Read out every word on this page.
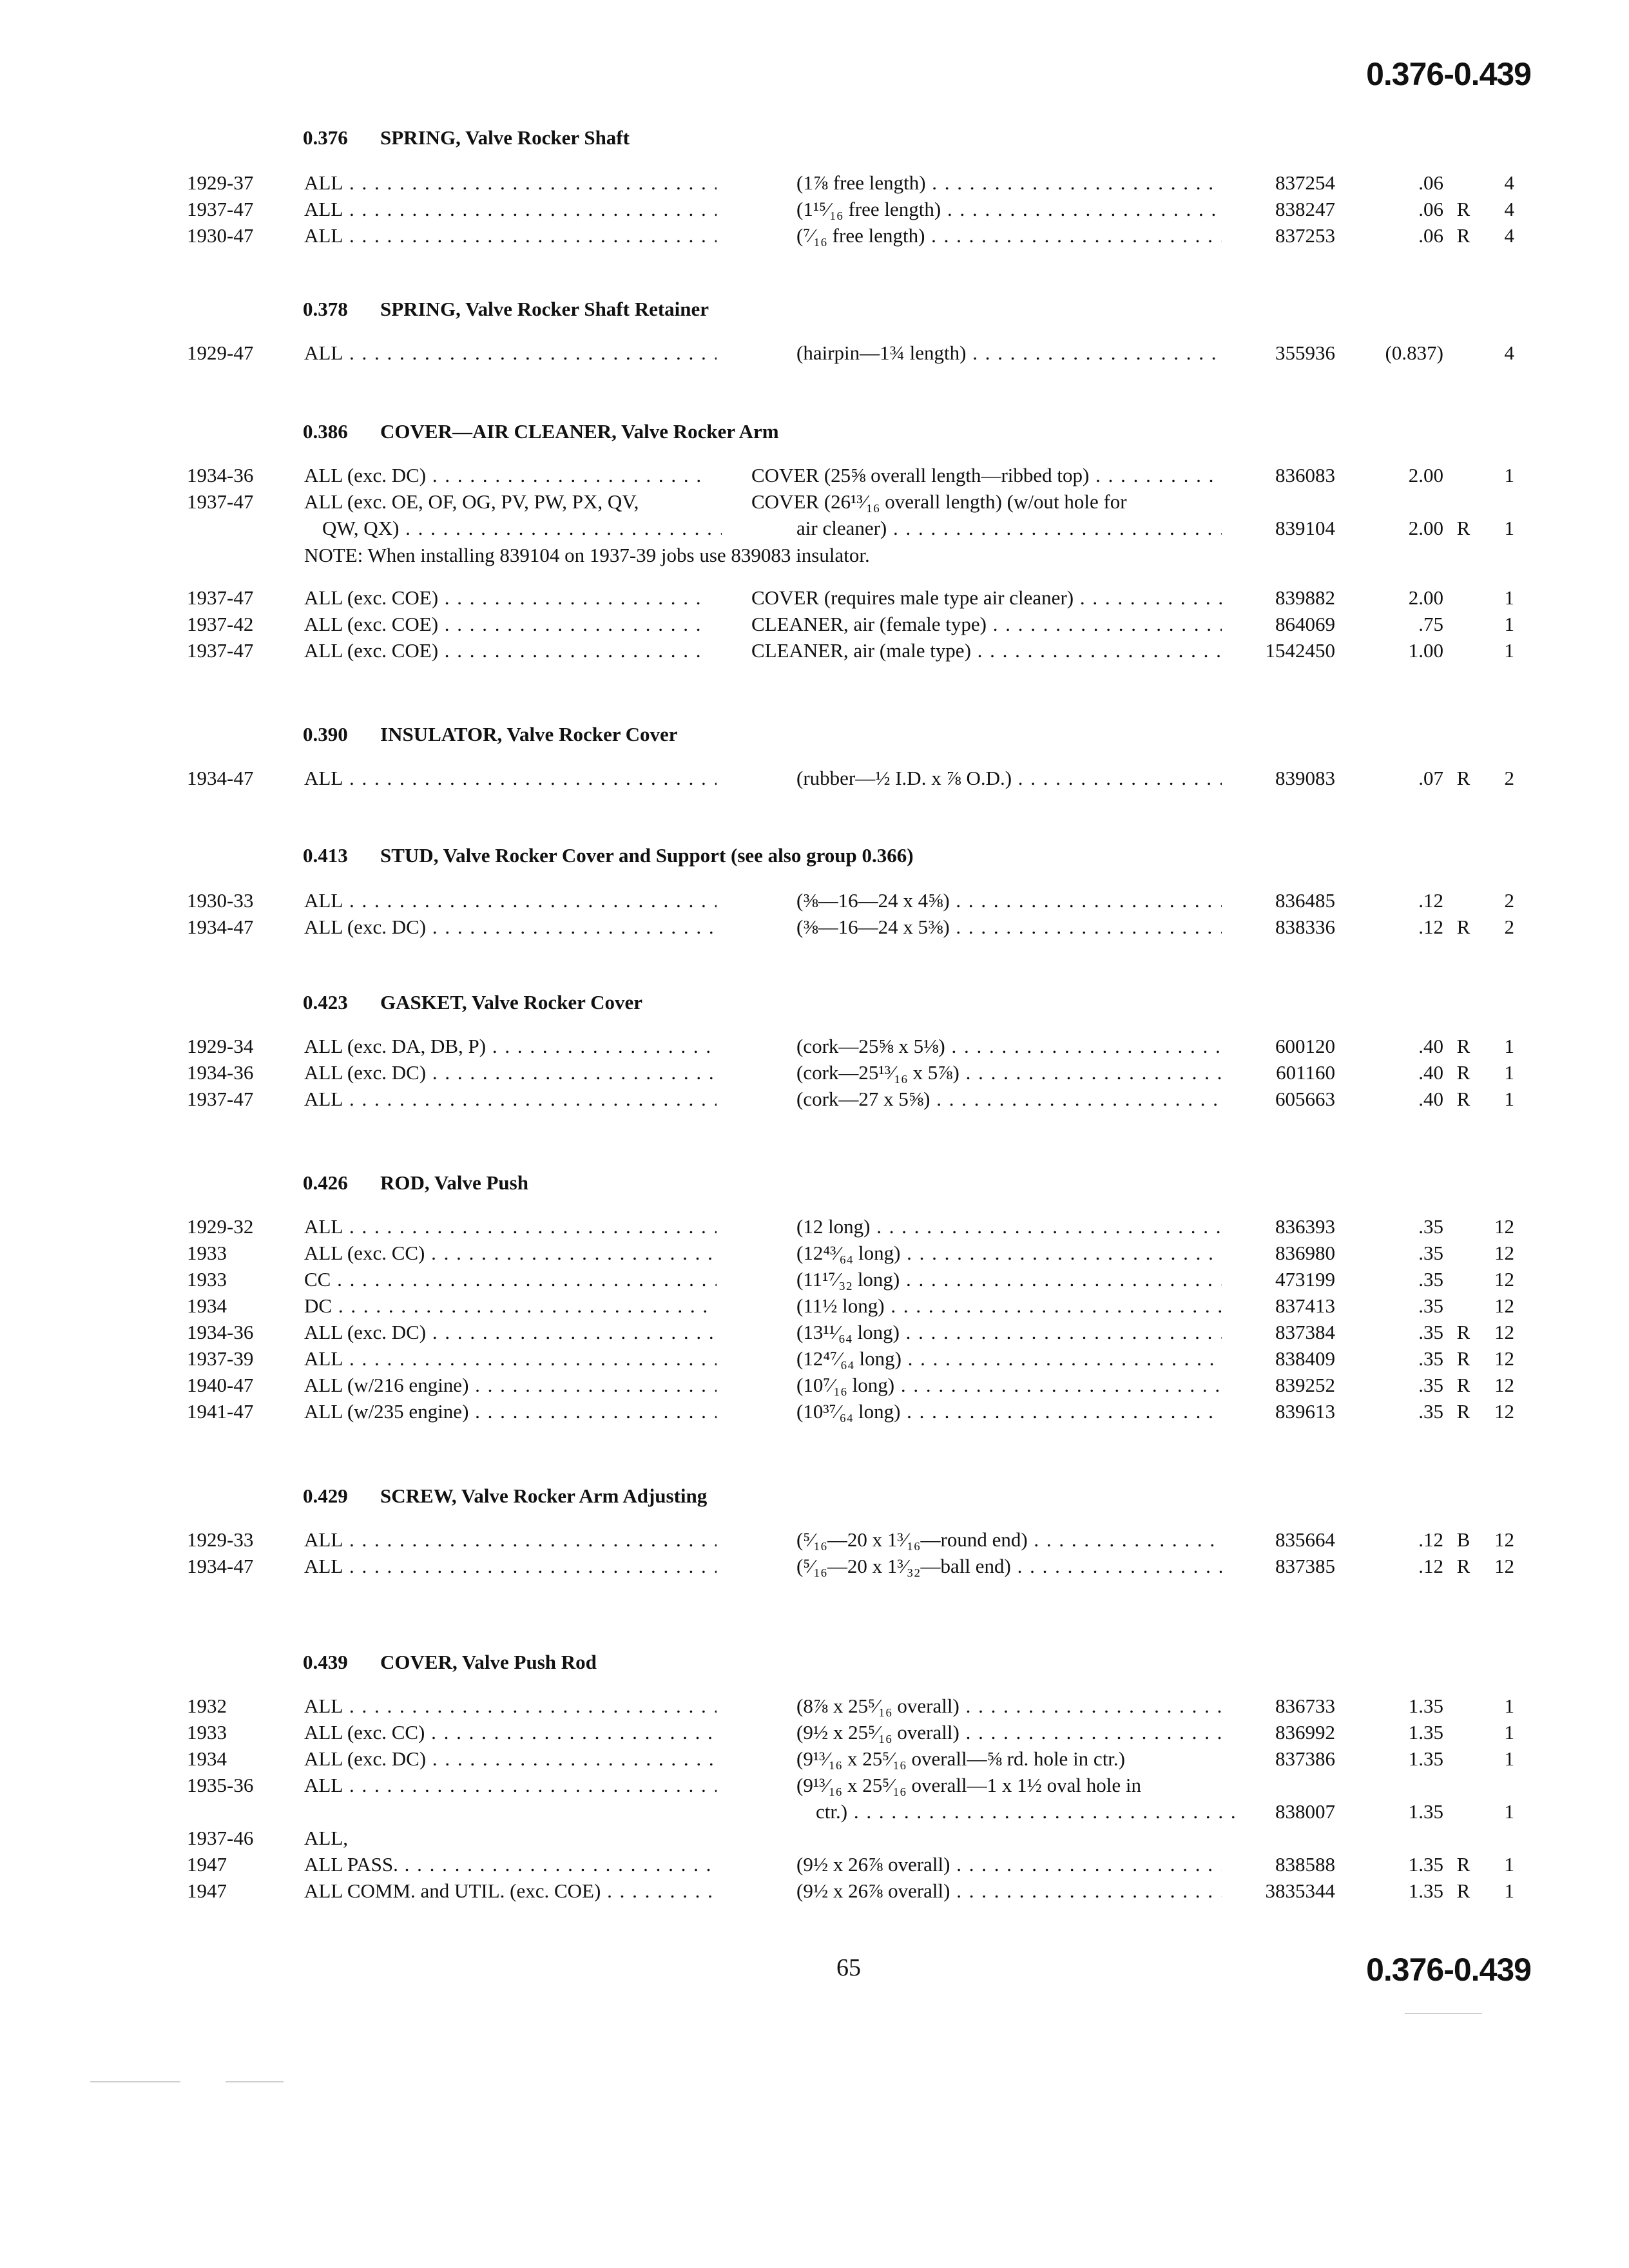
0.376-0.439
0.376 SPRING, Valve Rocker Shaft
1929-37	ALL . . .	(1⅞ free length) . . .	837254	.06	4
1937-47	ALL . . .	(1¹⁵⁄₁₆ free length) . . .	838247	.06 R	4
1930-47	ALL . . .	(⁷⁄₁₆ free length) . . .	837253	.06 R	4
0.378 SPRING, Valve Rocker Shaft Retainer
1929-47	ALL . . .	(hairpin—1¾ length) . . .	355936	(0.837)	4
0.386 COVER—AIR CLEANER, Valve Rocker Arm
1934-36	ALL (exc. DC) . . .	COVER (25⅝ overall length—ribbed top) . . .	836083	2.00	1
1937-47	ALL (exc. OE, OF, OG, PV, PW, PX, QV,	COVER (26¹³⁄₁₆ overall length) (w/out hole for
QW, QX) . . .	air cleaner) . . .	839104	2.00 R	1
NOTE: When installing 839104 on 1937-39 jobs use 839083 insulator.
1937-47	ALL (exc. COE) . . .	COVER (requires male type air cleaner) . . .	839882	2.00	1
1937-42	ALL (exc. COE) . . .	CLEANER, air (female type) . . .	864069	.75	1
1937-47	ALL (exc. COE) . . .	CLEANER, air (male type) . . .	1542450	1.00	1
0.390 INSULATOR, Valve Rocker Cover
1934-47	ALL . . .	(rubber—½ I.D. x ⅞ O.D.) . . .	839083	.07 R	2
0.413 STUD, Valve Rocker Cover and Support (see also group 0.366)
1930-33	ALL . . .	(⅜—16—24 x 4⅝) . . .	836485	.12	2
1934-47	ALL (exc. DC) . . .	(⅜—16—24 x 5⅜) . . .	838336	.12 R	2
0.423 GASKET, Valve Rocker Cover
1929-34	ALL (exc. DA, DB, P) . . .	(cork—25⅝ x 5⅛) . . .	600120	.40 R	1
1934-36	ALL (exc. DC) . . .	(cork—25¹³⁄₁₆ x 5⅞) . . .	601160	.40 R	1
1937-47	ALL . . .	(cork—27 x 5⅝) . . .	605663	.40 R	1
0.426 ROD, Valve Push
1929-32	ALL . . .	(12 long) . . .	836393	.35	12
1933	ALL (exc. CC) . . .	(12⁴³⁄₆₄ long) . . .	836980	.35	12
1933	CC . . .	(11¹⁷⁄₃₂ long) . . .	473199	.35	12
1934	DC . . .	(11½ long) . . .	837413	.35	12
1934-36	ALL (exc. DC) . . .	(13¹¹⁄₆₄ long) . . .	837384	.35 R	12
1937-39	ALL . . .	(12⁴⁷⁄₆₄ long) . . .	838409	.35 R	12
1940-47	ALL (w/216 engine) . . .	(10⁷⁄₁₆ long) . . .	839252	.35 R	12
1941-47	ALL (w/235 engine) . . .	(10³⁷⁄₆₄ long) . . .	839613	.35 R	12
0.429 SCREW, Valve Rocker Arm Adjusting
1929-33	ALL . . .	(⁵⁄₁₆—20 x 1³⁄₁₆—round end) . . .	835664	.12 B	12
1934-47	ALL . . .	(⁵⁄₁₆—20 x 1³⁄₃₂—ball end) . . .	837385	.12 R	12
0.439 COVER, Valve Push Rod
1932	ALL . . .	(8⅞ x 25⁵⁄₁₆ overall) . . .	836733	1.35	1
1933	ALL (exc. CC) . . .	(9½ x 25⁵⁄₁₆ overall) . . .	836992	1.35	1
1934	ALL (exc. DC) . . .	(9¹³⁄₁₆ x 25⁵⁄₁₆ overall—⅝ rd. hole in ctr.)	837386	1.35	1
1935-36	ALL . . .	(9¹³⁄₁₆ x 25⁵⁄₁₆ overall—1 x 1½ oval hole in
ctr.) . . .	838007	1.35	1
1937-46	ALL,
1947	ALL PASS. . . .	(9½ x 26⅞ overall) . . .	838588	1.35 R	1
1947	ALL COMM. and UTIL. (exc. COE) . . .	(9½ x 26⅞ overall) . . .	3835344	1.35 R	1
65	0.376-0.439
